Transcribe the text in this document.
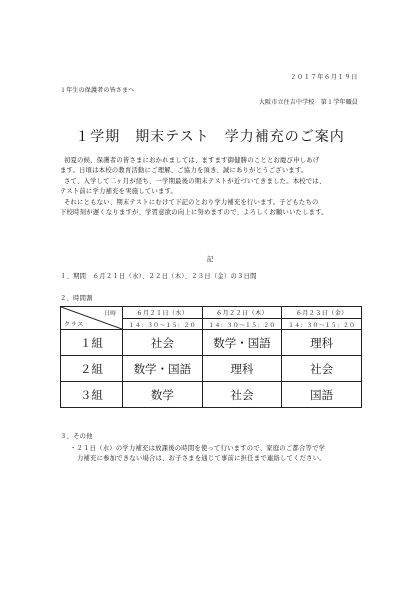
２０１７年６月１９日
１年生の保護者の皆さまへ
大阪市立住吉中学校　第１学年職員
１学期　期末テスト　学力補充のご案内
初夏の候、保護者の皆さまにおかれましては、ますます御健勝のこととお慶び申しあげ
ます。日頃は本校の教育活動にご理解、ご協力を頂き、誠にありがとうございます。
さて、入学して二ヶ月が経ち、一学期最後の期末テストが近づいてきました。本校では、
テスト前に学力補充を実施しています。
それにともない、期末テストにむけて下記のとおり学力補充を行います。子どもたちの
下校時刻が遅くなりますが、学習意欲の向上に努めますので、よろしくお願いいたします。
記
１、期間　６月２１日（水）、２２日（木）、２３日（金）の３日間
２、時間割
日時
クラス	６月２１日（水）	６月２２日（木）	６月２３日（金）
	１４：３０〜１５：２０	１４：３０〜１５：２０	１４：３０〜１５：２０
１組	社会	数学・国語	理科
２組	数学・国語	理科	社会
３組	数学	社会	国語
３、その他
・２１日（水）の学力補充は放課後の時間を使って行いますので、家庭のご都合等で学
力補充に参加できない場合は、お子さまを通じて事前に担任まで連絡してください。
